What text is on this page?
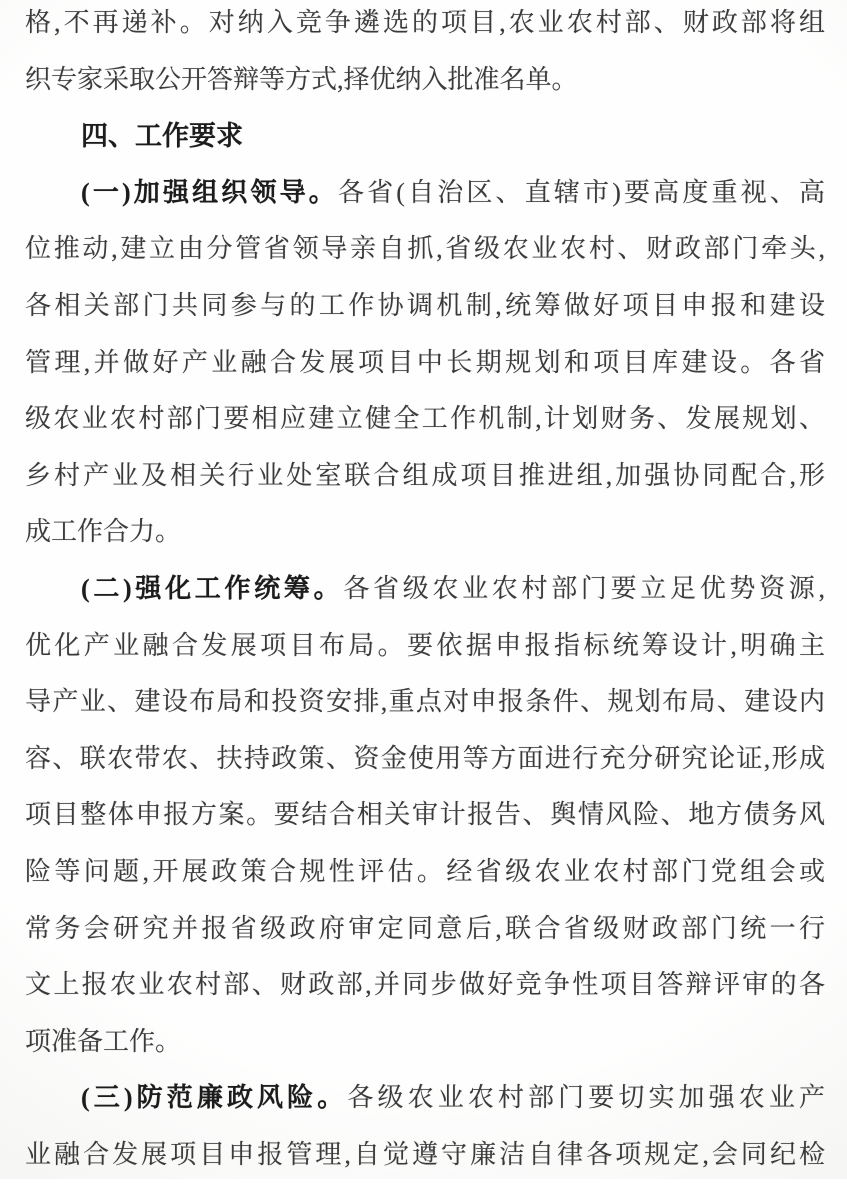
格,不再递补。对纳入竞争遴选的项目,农业农村部、财政部将组
织专家采取公开答辩等方式,择优纳入批准名单。
四、工作要求
(一)加强组织领导。各省(自治区、直辖市)要高度重视、高
位推动,建立由分管省领导亲自抓,省级农业农村、财政部门牵头,
各相关部门共同参与的工作协调机制,统筹做好项目申报和建设
管理,并做好产业融合发展项目中长期规划和项目库建设。各省
级农业农村部门要相应建立健全工作机制,计划财务、发展规划、
乡村产业及相关行业处室联合组成项目推进组,加强协同配合,形
成工作合力。
(二)强化工作统筹。各省级农业农村部门要立足优势资源,
优化产业融合发展项目布局。要依据申报指标统筹设计,明确主
导产业、建设布局和投资安排,重点对申报条件、规划布局、建设内
容、联农带农、扶持政策、资金使用等方面进行充分研究论证,形成
项目整体申报方案。要结合相关审计报告、舆情风险、地方债务风
险等问题,开展政策合规性评估。经省级农业农村部门党组会或
常务会研究并报省级政府审定同意后,联合省级财政部门统一行
文上报农业农村部、财政部,并同步做好竞争性项目答辩评审的各
项准备工作。
(三)防范廉政风险。各级农业农村部门要切实加强农业产
业融合发展项目申报管理,自觉遵守廉洁自律各项规定,会同纪检
